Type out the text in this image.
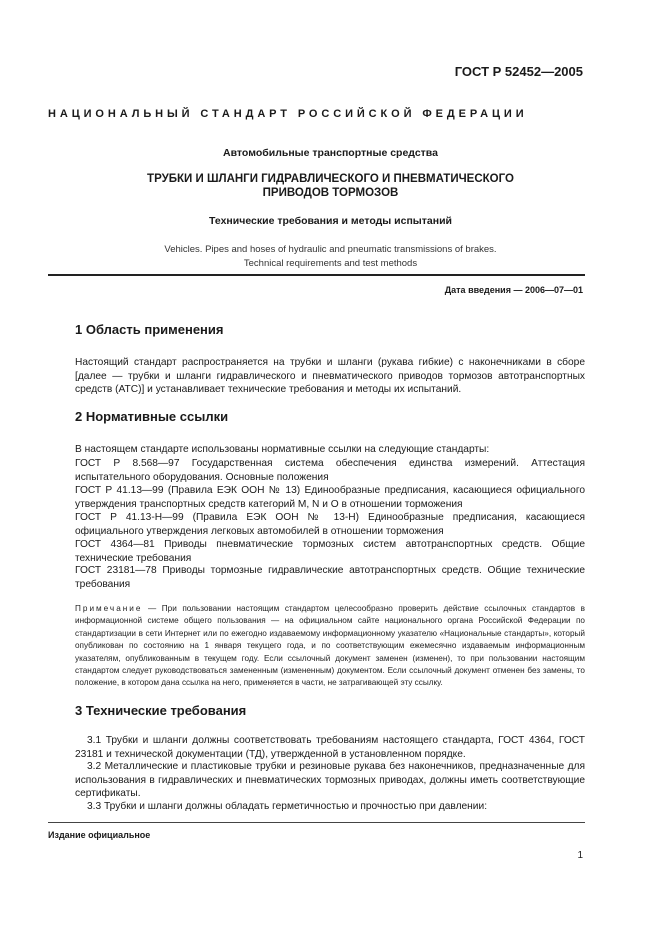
ГОСТ Р 52452—2005
НАЦИОНАЛЬНЫЙ СТАНДАРТ РОССИЙСКОЙ ФЕДЕРАЦИИ
Автомобильные транспортные средства
ТРУБКИ И ШЛАНГИ ГИДРАВЛИЧЕСКОГО И ПНЕВМАТИЧЕСКОГО
ПРИВОДОВ ТОРМОЗОВ
Технические требования и методы испытаний
Vehicles. Pipes and hoses of hydraulic and pneumatic transmissions of brakes.
Technical requirements and test methods
Дата введения — 2006—07—01
1 Область применения
Настоящий стандарт распространяется на трубки и шланги (рукава гибкие) с наконечниками в сборе [далее — трубки и шланги гидравлического и пневматического приводов тормозов автотранспортных средств (АТС)] и устанавливает технические требования и методы их испытаний.
2 Нормативные ссылки
В настоящем стандарте использованы нормативные ссылки на следующие стандарты:
ГОСТ Р 8.568—97 Государственная система обеспечения единства измерений. Аттестация испытательного оборудования. Основные положения
ГОСТ Р 41.13—99 (Правила ЕЭК ООН № 13) Единообразные предписания, касающиеся официального утверждения транспортных средств категорий M, N и O в отношении торможения
ГОСТ Р 41.13-Н—99 (Правила ЕЭК ООН № 13-Н) Единообразные предписания, касающиеся официального утверждения легковых автомобилей в отношении торможения
ГОСТ 4364—81 Приводы пневматические тормозных систем автотранспортных средств. Общие технические требования
ГОСТ 23181—78 Приводы тормозные гидравлические автотранспортных средств. Общие технические требования
Примечание — При пользовании настоящим стандартом целесообразно проверить действие ссылочных стандартов в информационной системе общего пользования — на официальном сайте национального органа Российской Федерации по стандартизации в сети Интернет или по ежегодно издаваемому информационному указателю «Национальные стандарты», который опубликован по состоянию на 1 января текущего года, и по соответствующим ежемесячно издаваемым информационным указателям, опубликованным в текущем году. Если ссылочный документ заменен (изменен), то при пользовании настоящим стандартом следует руководствоваться замененным (измененным) документом. Если ссылочный документ отменен без замены, то положение, в котором дана ссылка на него, применяется в части, не затрагивающей эту ссылку.
3 Технические требования
3.1 Трубки и шланги должны соответствовать требованиям настоящего стандарта, ГОСТ 4364, ГОСТ 23181 и технической документации (ТД), утвержденной в установленном порядке.
3.2 Металлические и пластиковые трубки и резиновые рукава без наконечников, предназначенные для использования в гидравлических и пневматических тормозных приводах, должны иметь соответствующие сертификаты.
3.3 Трубки и шланги должны обладать герметичностью и прочностью при давлении:
Издание официальное
1
